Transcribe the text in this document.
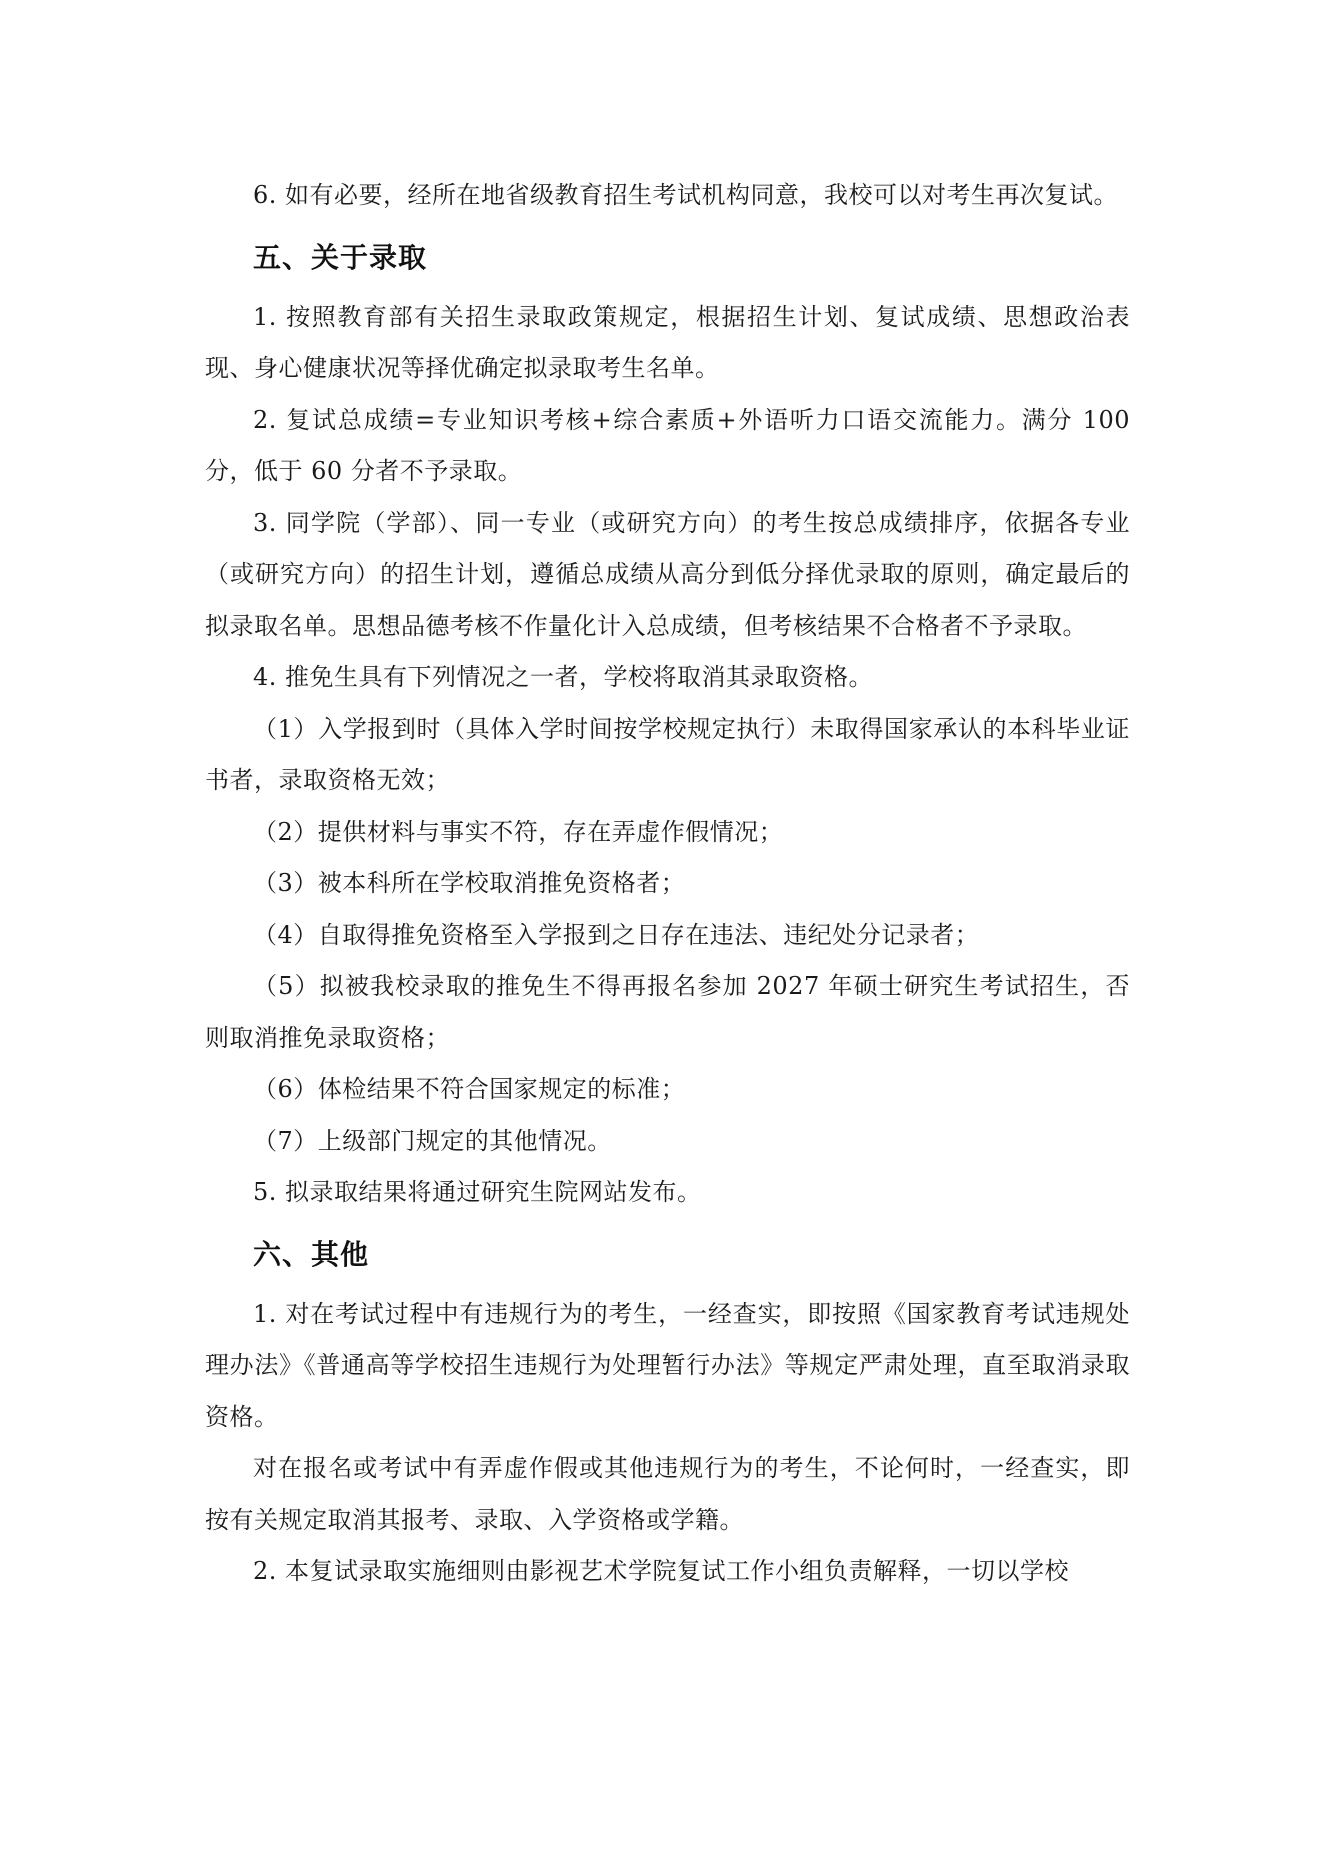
6. 如有必要，经所在地省级教育招生考试机构同意，我校可以对考生再次复试。

五、关于录取

1. 按照教育部有关招生录取政策规定，根据招生计划、复试成绩、思想政治表现、身心健康状况等择优确定拟录取考生名单。

2. 复试总成绩=专业知识考核+综合素质+外语听力口语交流能力。满分 100 分，低于 60 分者不予录取。

3. 同学院（学部）、同一专业（或研究方向）的考生按总成绩排序，依据各专业（或研究方向）的招生计划，遵循总成绩从高分到低分择优录取的原则，确定最后的拟录取名单。思想品德考核不作量化计入总成绩，但考核结果不合格者不予录取。

4. 推免生具有下列情况之一者，学校将取消其录取资格。

（1）入学报到时（具体入学时间按学校规定执行）未取得国家承认的本科毕业证书者，录取资格无效；

（2）提供材料与事实不符，存在弄虚作假情况；

（3）被本科所在学校取消推免资格者；

（4）自取得推免资格至入学报到之日存在违法、违纪处分记录者；

（5）拟被我校录取的推免生不得再报名参加 2027 年硕士研究生考试招生，否则取消推免录取资格；

（6）体检结果不符合国家规定的标准；

（7）上级部门规定的其他情况。

5. 拟录取结果将通过研究生院网站发布。

六、其他

1. 对在考试过程中有违规行为的考生，一经查实，即按照《国家教育考试违规处理办法》《普通高等学校招生违规行为处理暂行办法》等规定严肃处理，直至取消录取资格。

对在报名或考试中有弄虚作假或其他违规行为的考生，不论何时，一经查实，即按有关规定取消其报考、录取、入学资格或学籍。

2. 本复试录取实施细则由影视艺术学院复试工作小组负责解释，一切以学校
